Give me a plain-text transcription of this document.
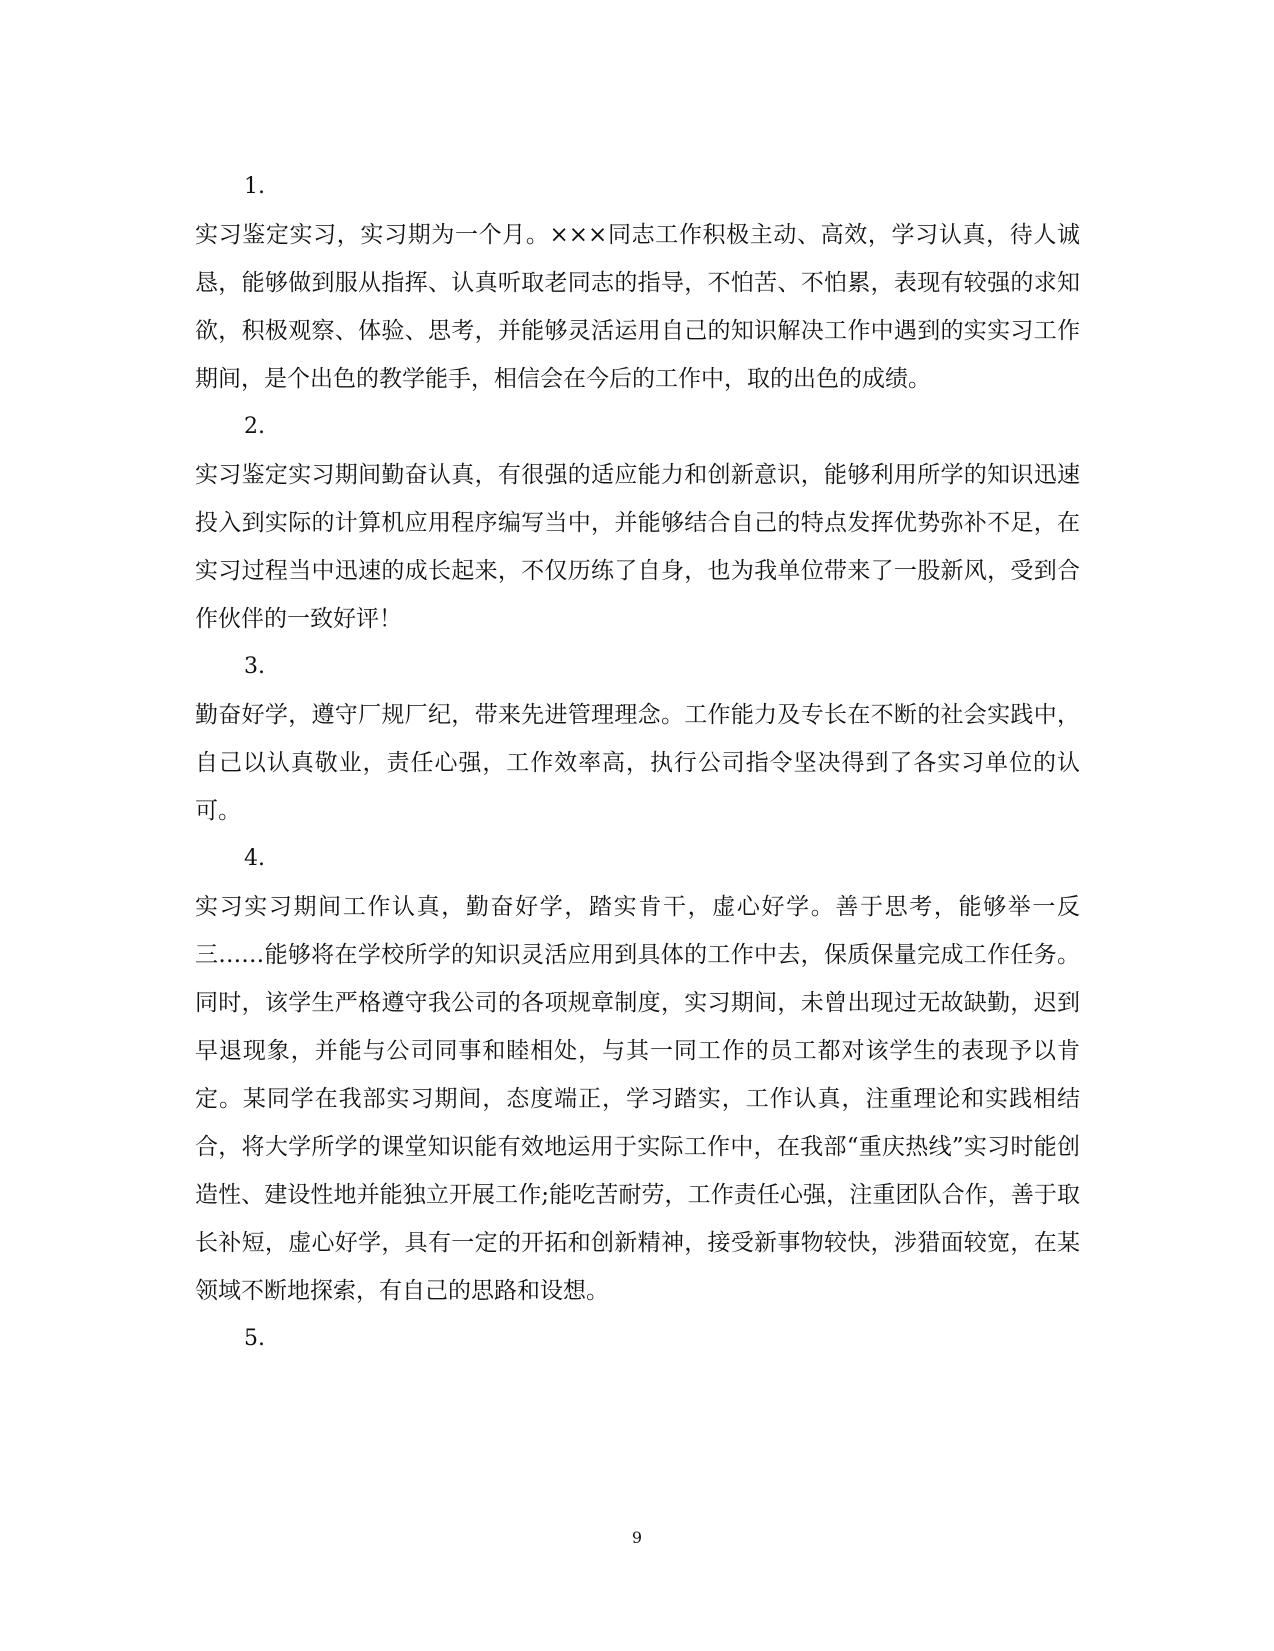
1.

实习鉴定实习，实习期为一个月。×××同志工作积极主动、高效，学习认真，待人诚恳，能够做到服从指挥、认真听取老同志的指导，不怕苦、不怕累，表现有较强的求知欲，积极观察、体验、思考，并能够灵活运用自己的知识解决工作中遇到的实实习工作期间，是个出色的教学能手，相信会在今后的工作中，取的出色的成绩。

2.

实习鉴定实习期间勤奋认真，有很强的适应能力和创新意识，能够利用所学的知识迅速投入到实际的计算机应用程序编写当中，并能够结合自己的特点发挥优势弥补不足，在实习过程当中迅速的成长起来，不仅历练了自身，也为我单位带来了一股新风，受到合作伙伴的一致好评！

3.

勤奋好学，遵守厂规厂纪，带来先进管理理念。工作能力及专长在不断的社会实践中，自己以认真敬业，责任心强，工作效率高，执行公司指令坚决得到了各实习单位的认可。

4.

实习实习期间工作认真，勤奋好学，踏实肯干，虚心好学。善于思考，能够举一反三……能够将在学校所学的知识灵活应用到具体的工作中去，保质保量完成工作任务。同时，该学生严格遵守我公司的各项规章制度，实习期间，未曾出现过无故缺勤，迟到早退现象，并能与公司同事和睦相处，与其一同工作的员工都对该学生的表现予以肯定。某同学在我部实习期间，态度端正，学习踏实，工作认真，注重理论和实践相结合，将大学所学的课堂知识能有效地运用于实际工作中，在我部“重庆热线”实习时能创造性、建设性地并能独立开展工作;能吃苦耐劳，工作责任心强，注重团队合作，善于取长补短，虚心好学，具有一定的开拓和创新精神，接受新事物较快，涉猎面较宽，在某领域不断地探索，有自己的思路和设想。

5.

9
